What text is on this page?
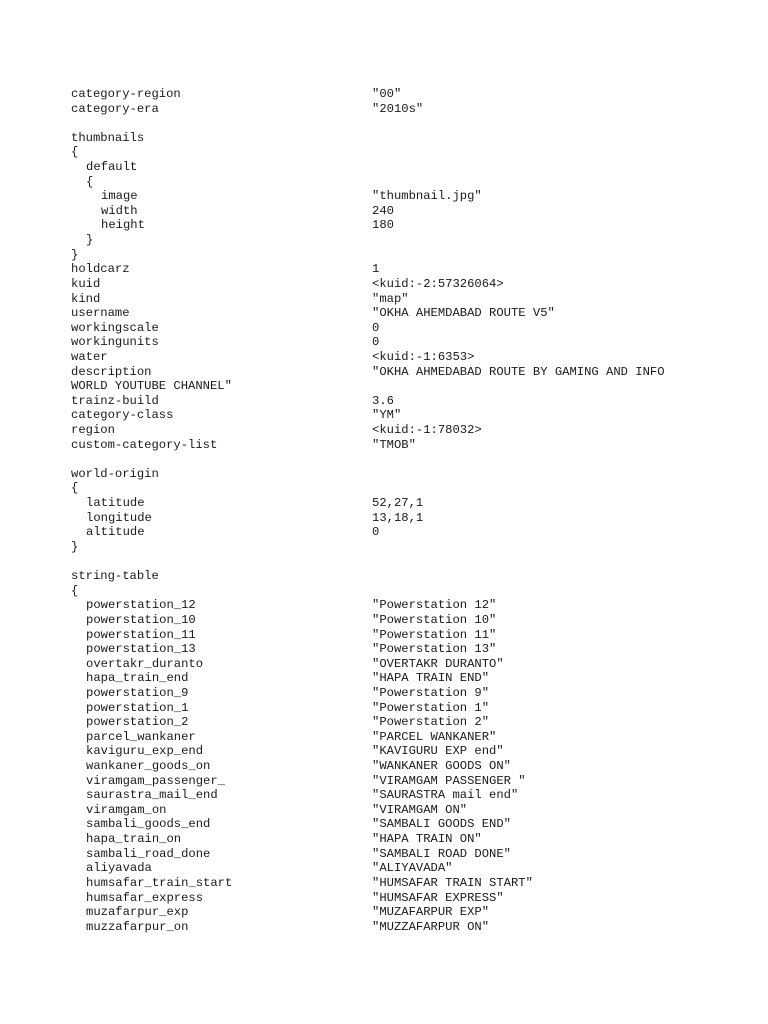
category-region	"00"
category-era	"2010s"
thumbnails
{
default
{
image	"thumbnail.jpg"
width	240
height	180
}
}
holdcarz	1
kuid	<kuid:-2:57326064>
kind	"map"
username	"OKHA AHEMDABAD ROUTE V5"
workingscale	0
workingunits	0
water	<kuid:-1:6353>
description	"OKHA AHMEDABAD ROUTE BY GAMING AND INFO
WORLD YOUTUBE CHANNEL"
trainz-build	3.6
category-class	"YM"
region	<kuid:-1:78032>
custom-category-list	"TMOB"
world-origin
{
latitude	52,27,1
longitude	13,18,1
altitude	0
}
string-table
{
powerstation_12	"Powerstation 12"
powerstation_10	"Powerstation 10"
powerstation_11	"Powerstation 11"
powerstation_13	"Powerstation 13"
overtakr_duranto	"OVERTAKR DURANTO"
hapa_train_end	"HAPA TRAIN END"
powerstation_9	"Powerstation 9"
powerstation_1	"Powerstation 1"
powerstation_2	"Powerstation 2"
parcel_wankaner	"PARCEL WANKANER"
kaviguru_exp_end	"KAVIGURU EXP end"
wankaner_goods_on	"WANKANER GOODS ON"
viramgam_passenger_	"VIRAMGAM PASSENGER "
saurastra_mail_end	"SAURASTRA mail end"
viramgam_on	"VIRAMGAM ON"
sambali_goods_end	"SAMBALI GOODS END"
hapa_train_on	"HAPA TRAIN ON"
sambali_road_done	"SAMBALI ROAD DONE"
aliyavada	"ALIYAVADA"
humsafar_train_start	"HUMSAFAR TRAIN START"
humsafar_express	"HUMSAFAR EXPRESS"
muzafarpur_exp	"MUZAFARPUR EXP"
muzzafarpur_on	"MUZZAFARPUR ON"
